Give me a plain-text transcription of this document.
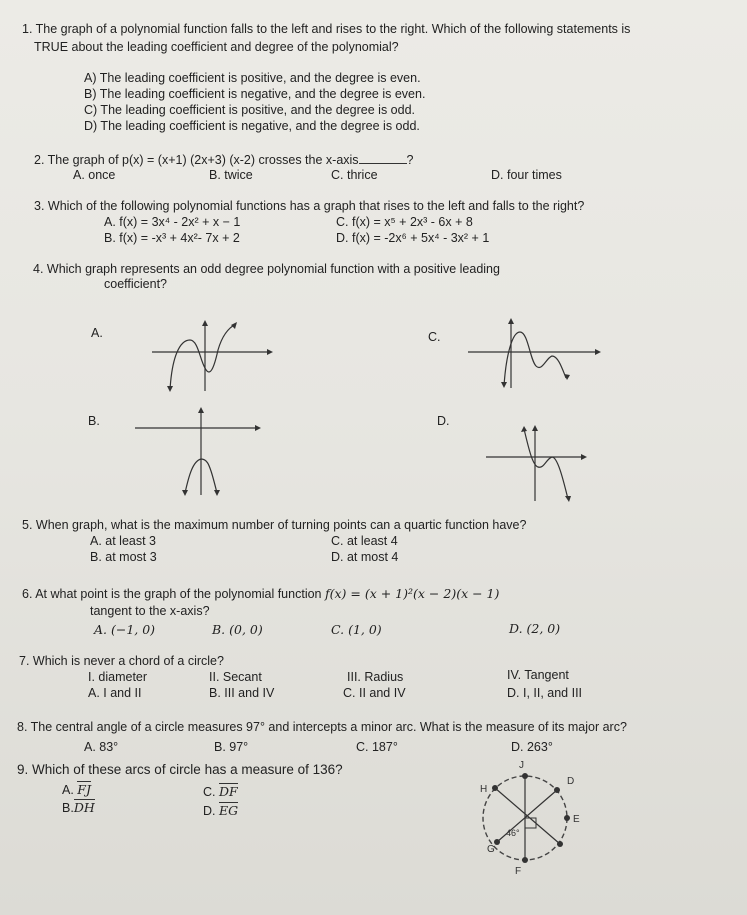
1. The graph of a polynomial function falls to the left and rises to the right. Which of the following statements is
TRUE about the leading coefficient and degree of the polynomial?
A) The leading coefficient is positive, and the degree is even.
B) The leading coefficient is negative, and the degree is even.
C) The leading coefficient is positive, and the degree is odd.
D) The leading coefficient is negative, and the degree is odd.
2. The graph of p(x) = (x+1) (2x+3) (x-2) crosses the x-axis	?
A. once	B. twice	C. thrice	D. four times
3. Which of the following polynomial functions has a graph that rises to the left and falls to the right?
A. f(x) = 3x⁴ - 2x² + x − 1
B. f(x) = -x³ + 4x²- 7x + 2
C. f(x) = x⁵ + 2x³ - 6x + 8
D. f(x) = -2x⁶ + 5x⁴ - 3x² + 1
4. Which graph represents an odd degree polynomial function with a positive leading
coefficient?
A.	C.
B.	D.
5. When graph, what is the maximum number of turning points can a quartic function have?
A. at least 3
B. at most 3
C. at least 4
D. at most 4
6. At what point is the graph of the polynomial function f(x) = (x + 1)²(x − 2)(x − 1)
tangent to the x-axis?
A. (−1, 0)	B. (0, 0)	C. (1, 0)	D. (2, 0)
7. Which is never a chord of a circle?
I. diameter	II. Secant	III. Radius	IV. Tangent
A. I and II	B. III and IV	C. II and IV	D. I, II, and III
8. The central angle of a circle measures 97° and intercepts a minor arc. What is the measure of its major arc?
A. 83°	B. 97°	C. 187°	D. 263°
9. Which of these arcs of circle has a measure of 136?
A. FJ
B.DH
C. DF
D. EG
J
D
H
E
G
F
46°
